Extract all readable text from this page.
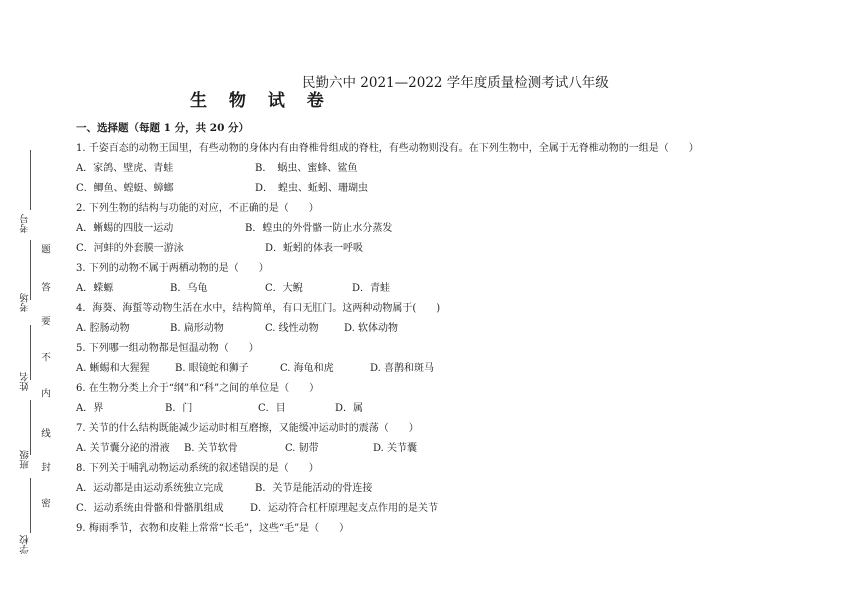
考号
考场
姓名
班级
学校
题
答
要
不
内
线
封
密
民勤六中 2021—2022 学年度质量检测考试八年级
生 物 试 卷
一、选择题（每题 1 分，共 20 分）
1. 千姿百态的动物王国里，有些动物的身体内有由脊椎骨组成的脊柱，有些动物则没有。在下列生物中，全属于无脊椎动物的一组是（　　）
A．家鸽、壁虎、青蛙	B．　蜗虫、蜜蜂、鲨鱼
C．鲫鱼、蝗蜓、蟑螂	D．　蝗虫、蚯蚓、珊瑚虫
2. 下列生物的结构与功能的对应，不正确的是（　　）
A．蜥蜴的四肢一运动	B．蝗虫的外骨骼一防止水分蒸发
C．河蚌的外套膜一游泳	D．蚯蚓的体表一呼吸
3. 下列的动物不属于两栖动物的是（　　）
A．蝾螈	B．乌龟	C．大鲵	D．青蛙
4．海葵、海蜇等动物生活在水中，结构简单，有口无肛门。这两种动物属于(　　)
A. 腔肠动物	B. 扁形动物	C. 线性动物	D. 软体动物
5. 下列哪一组动物都是恒温动物（　　）
A. 蜥蜴和大猩猩	B. 眼镜蛇和狮子	C. 海龟和虎	D. 喜鹊和斑马
6. 在生物分类上介于“纲”和“科”之间的单位是（　　）
A．界	B．门	C．目	D．属
7. 关节的什么结构既能减少运动时相互磨擦，又能缓冲运动时的震荡（　　）
A. 关节囊分泌的滑液 B. 关节软骨	C. 韧带	D. 关节囊
8. 下列关于哺乳动物运动系统的叙述错误的是（　　）
A．运动都是由运动系统独立完成	B．关节是能活动的骨连接
C．运动系统由骨骼和骨骼肌组成	D．运动符合杠杆原理起支点作用的是关节
9. 梅雨季节，衣物和皮鞋上常常“长毛”，这些“毛”是（　　）
